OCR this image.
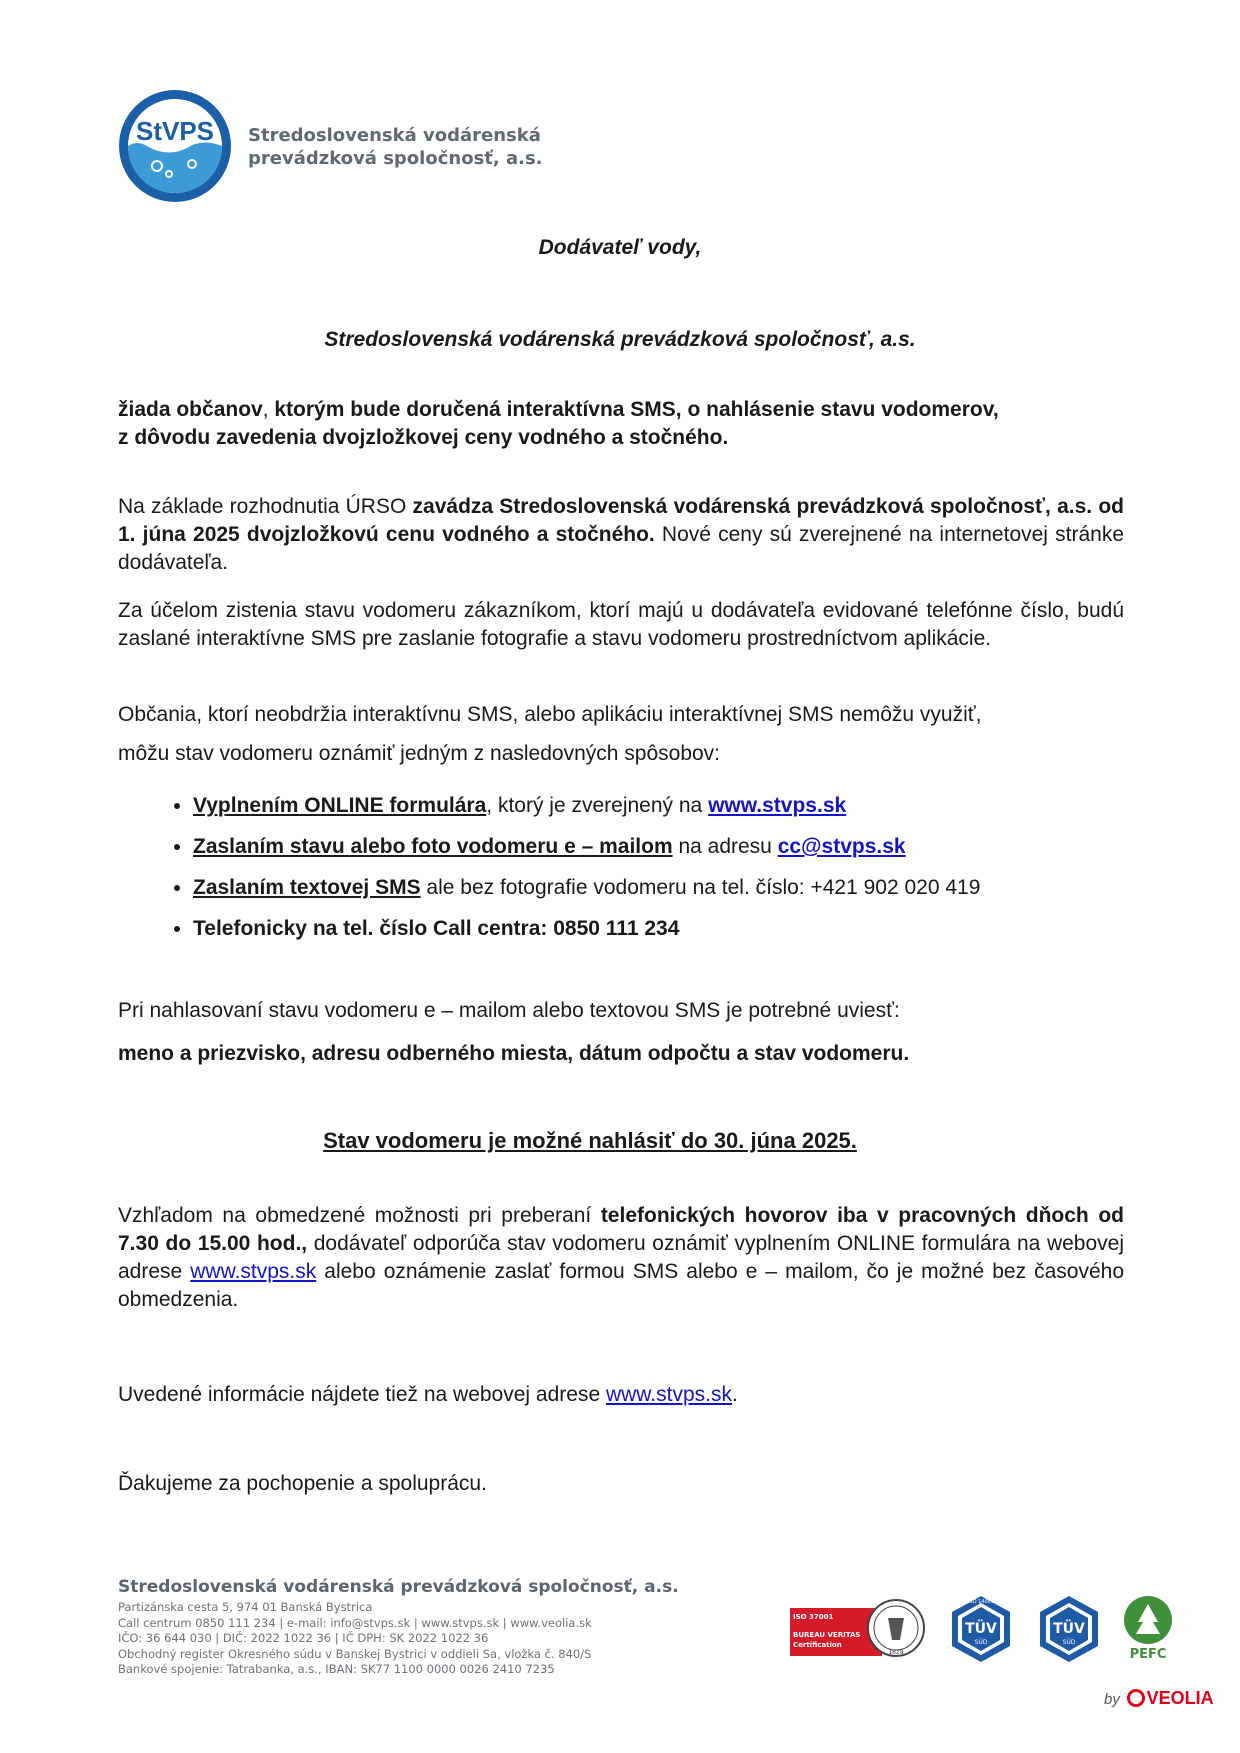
StVPS Stredoslovenská vodárenská
prevádzková spoločnosť, a.s.
Dodávateľ vody,
Stredoslovenská vodárenská prevádzková spoločnosť, a.s.
žiada občanov, ktorým bude doručená interaktívna SMS, o nahlásenie stavu vodomerov,
z dôvodu zavedenia dvojzložkovej ceny vodného a stočného.
Na základe rozhodnutia ÚRSO zavádza Stredoslovenská vodárenská prevádzková spoločnosť, a.s. od 1. júna 2025 dvojzložkovú cenu vodného a stočného. Nové ceny sú zverejnené na internetovej stránke dodávateľa.
Za účelom zistenia stavu vodomeru zákazníkom, ktorí majú u dodávateľa evidované telefónne číslo, budú zaslané interaktívne SMS pre zaslanie fotografie a stavu vodomeru prostredníctvom aplikácie.
Občania, ktorí neobdržia interaktívnu SMS, alebo aplikáciu interaktívnej SMS nemôžu využiť,
môžu stav vodomeru oznámiť jedným z nasledovných spôsobov:
• Vyplnením ONLINE formulára, ktorý je zverejnený na www.stvps.sk
• Zaslaním stavu alebo foto vodomeru e – mailom na adresu cc@stvps.sk
• Zaslaním textovej SMS ale bez fotografie vodomeru na tel. číslo: +421 902 020 419
• Telefonicky na tel. číslo Call centra: 0850 111 234
Pri nahlasovaní stavu vodomeru e – mailom alebo textovou SMS je potrebné uviesť:
meno a priezvisko, adresu odberného miesta, dátum odpočtu a stav vodomeru.
Stav vodomeru je možné nahlásiť do 30. júna 2025.
Vzhľadom na obmedzené možnosti pri preberaní telefonických hovorov iba v pracovných dňoch od 7.30 do 15.00 hod., dodávateľ odporúča stav vodomeru oznámiť vyplnením ONLINE formulára na webovej adrese www.stvps.sk alebo oznámenie zaslať formou SMS alebo e – mailom, čo je možné bez časového obmedzenia.
Uvedené informácie nájdete tiež na webovej adrese www.stvps.sk.
Ďakujeme za pochopenie a spoluprácu.
Stredoslovenská vodárenská prevádzková spoločnosť, a.s.
Partizánska cesta 5, 974 01 Banská Bystrica
Call centrum 0850 111 234 | e-mail: info@stvps.sk | www.stvps.sk | www.veolia.sk
IČO: 36 644 030 | DIČ: 2022 1022 36 | IČ DPH: SK 2022 1022 36
Obchodný register Okresného súdu v Banskej Bystrici v oddieli Sa, vložka č. 840/S
Bankové spojenie: Tatrabanka, a.s., IBAN: SK77 1100 0000 0026 2410 7235
ISO 37001
BUREAU VERITAS
Certification
1828
ISO 14001
TÜV
SÜD
TÜV
SÜD
PEFC
by VEOLIA
